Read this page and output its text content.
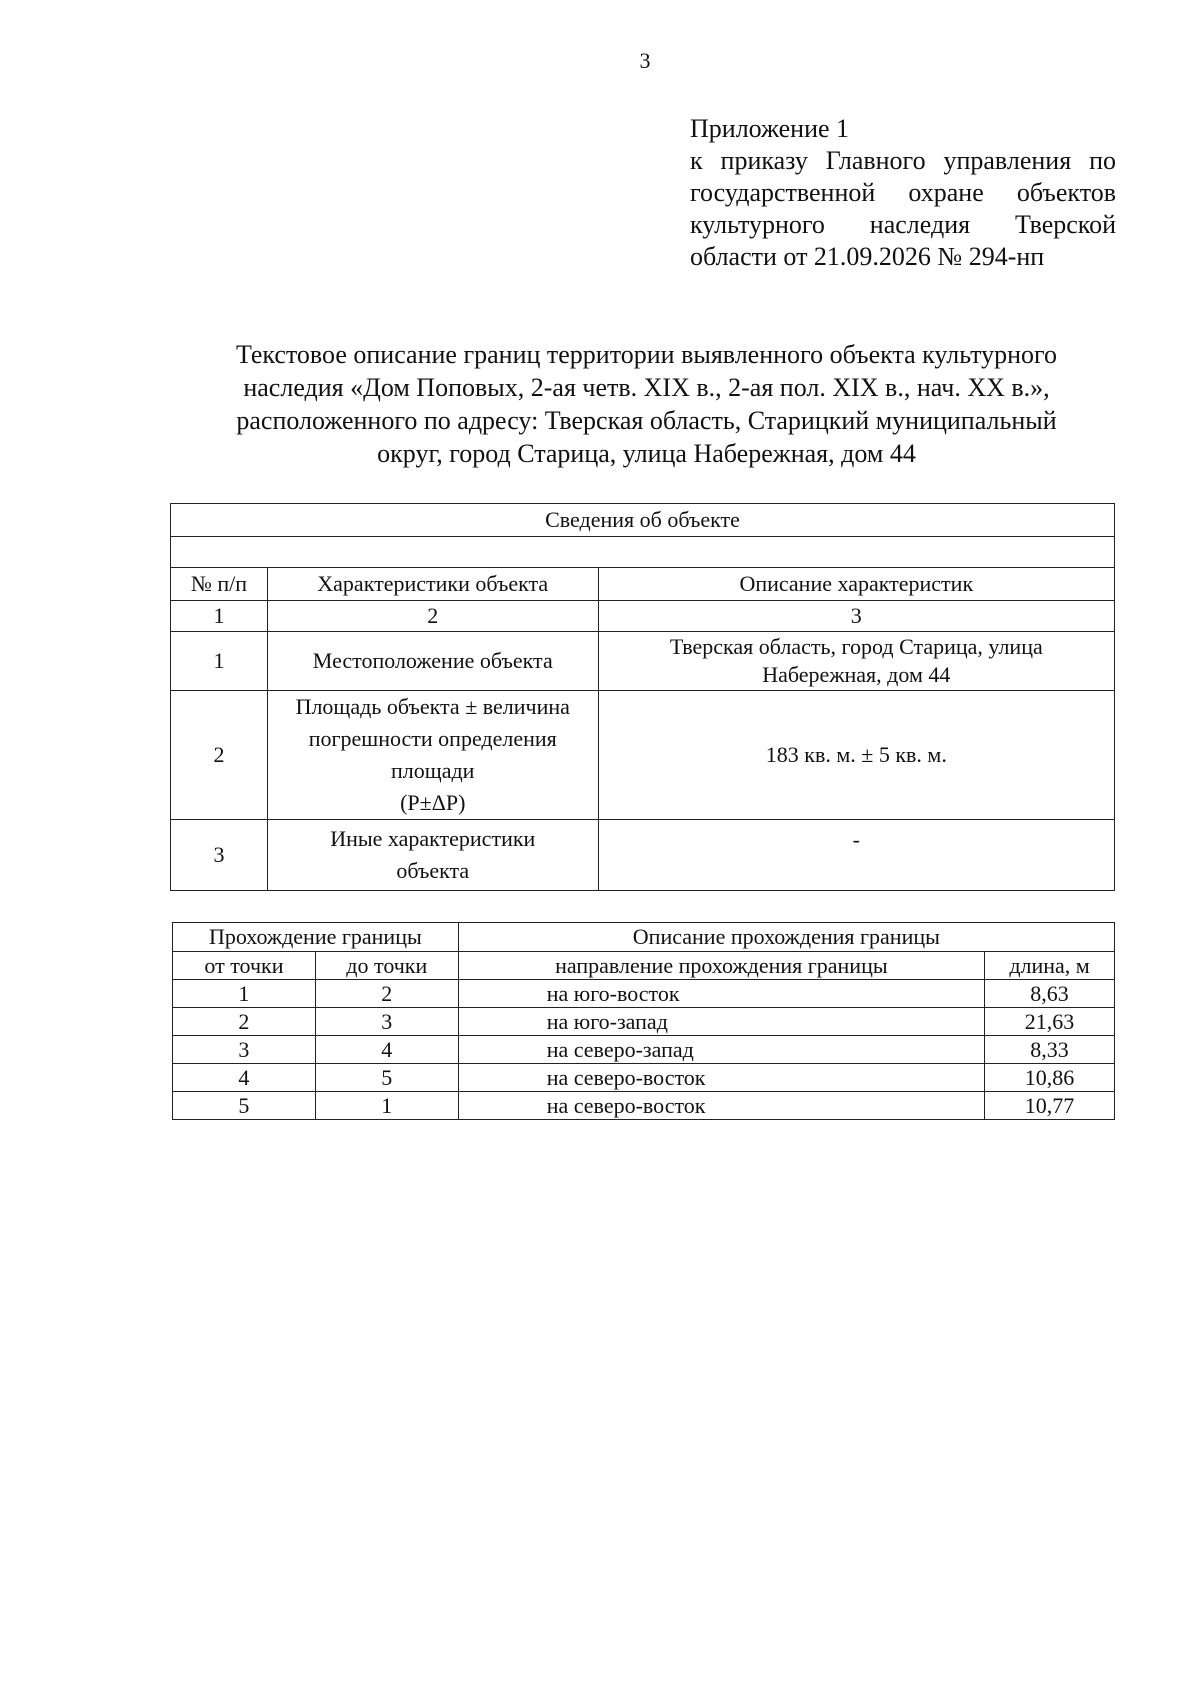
3
Приложение 1
к приказу Главного управления по
государственной охране объектов
культурного наследия Тверской
области от 21.09.2026 № 294-нп
Текстовое описание границ территории выявленного объекта культурного
наследия «Дом Поповых, 2-ая четв. XIX в., 2-ая пол. XIX в., нач. XX в.»,
расположенного по адресу: Тверская область, Старицкий муниципальный
округ, город Старица, улица Набережная, дом 44
Сведения об объекте		

№ п/п	Характеристики объекта	Описание характеристик
1	2	3
1	Местоположение объекта	Тверская область, город Старица, улица
Набережная, дом 44

2	Площадь объекта ± величина
погрешности определения
площади
(P±ΔP)	183 кв. м. ± 5 кв. м.

3	Иные характеристики
объекта	-
Прохождение границы		Описание прохождения границы	
от точки	до точки	направление прохождения границы	длина, м
1	2	на юго-восток	8,63
2	3	на юго-запад	21,63
3	4	на северо-запад	8,33
4	5	на северо-восток	10,86
5	1	на северо-восток	10,77
